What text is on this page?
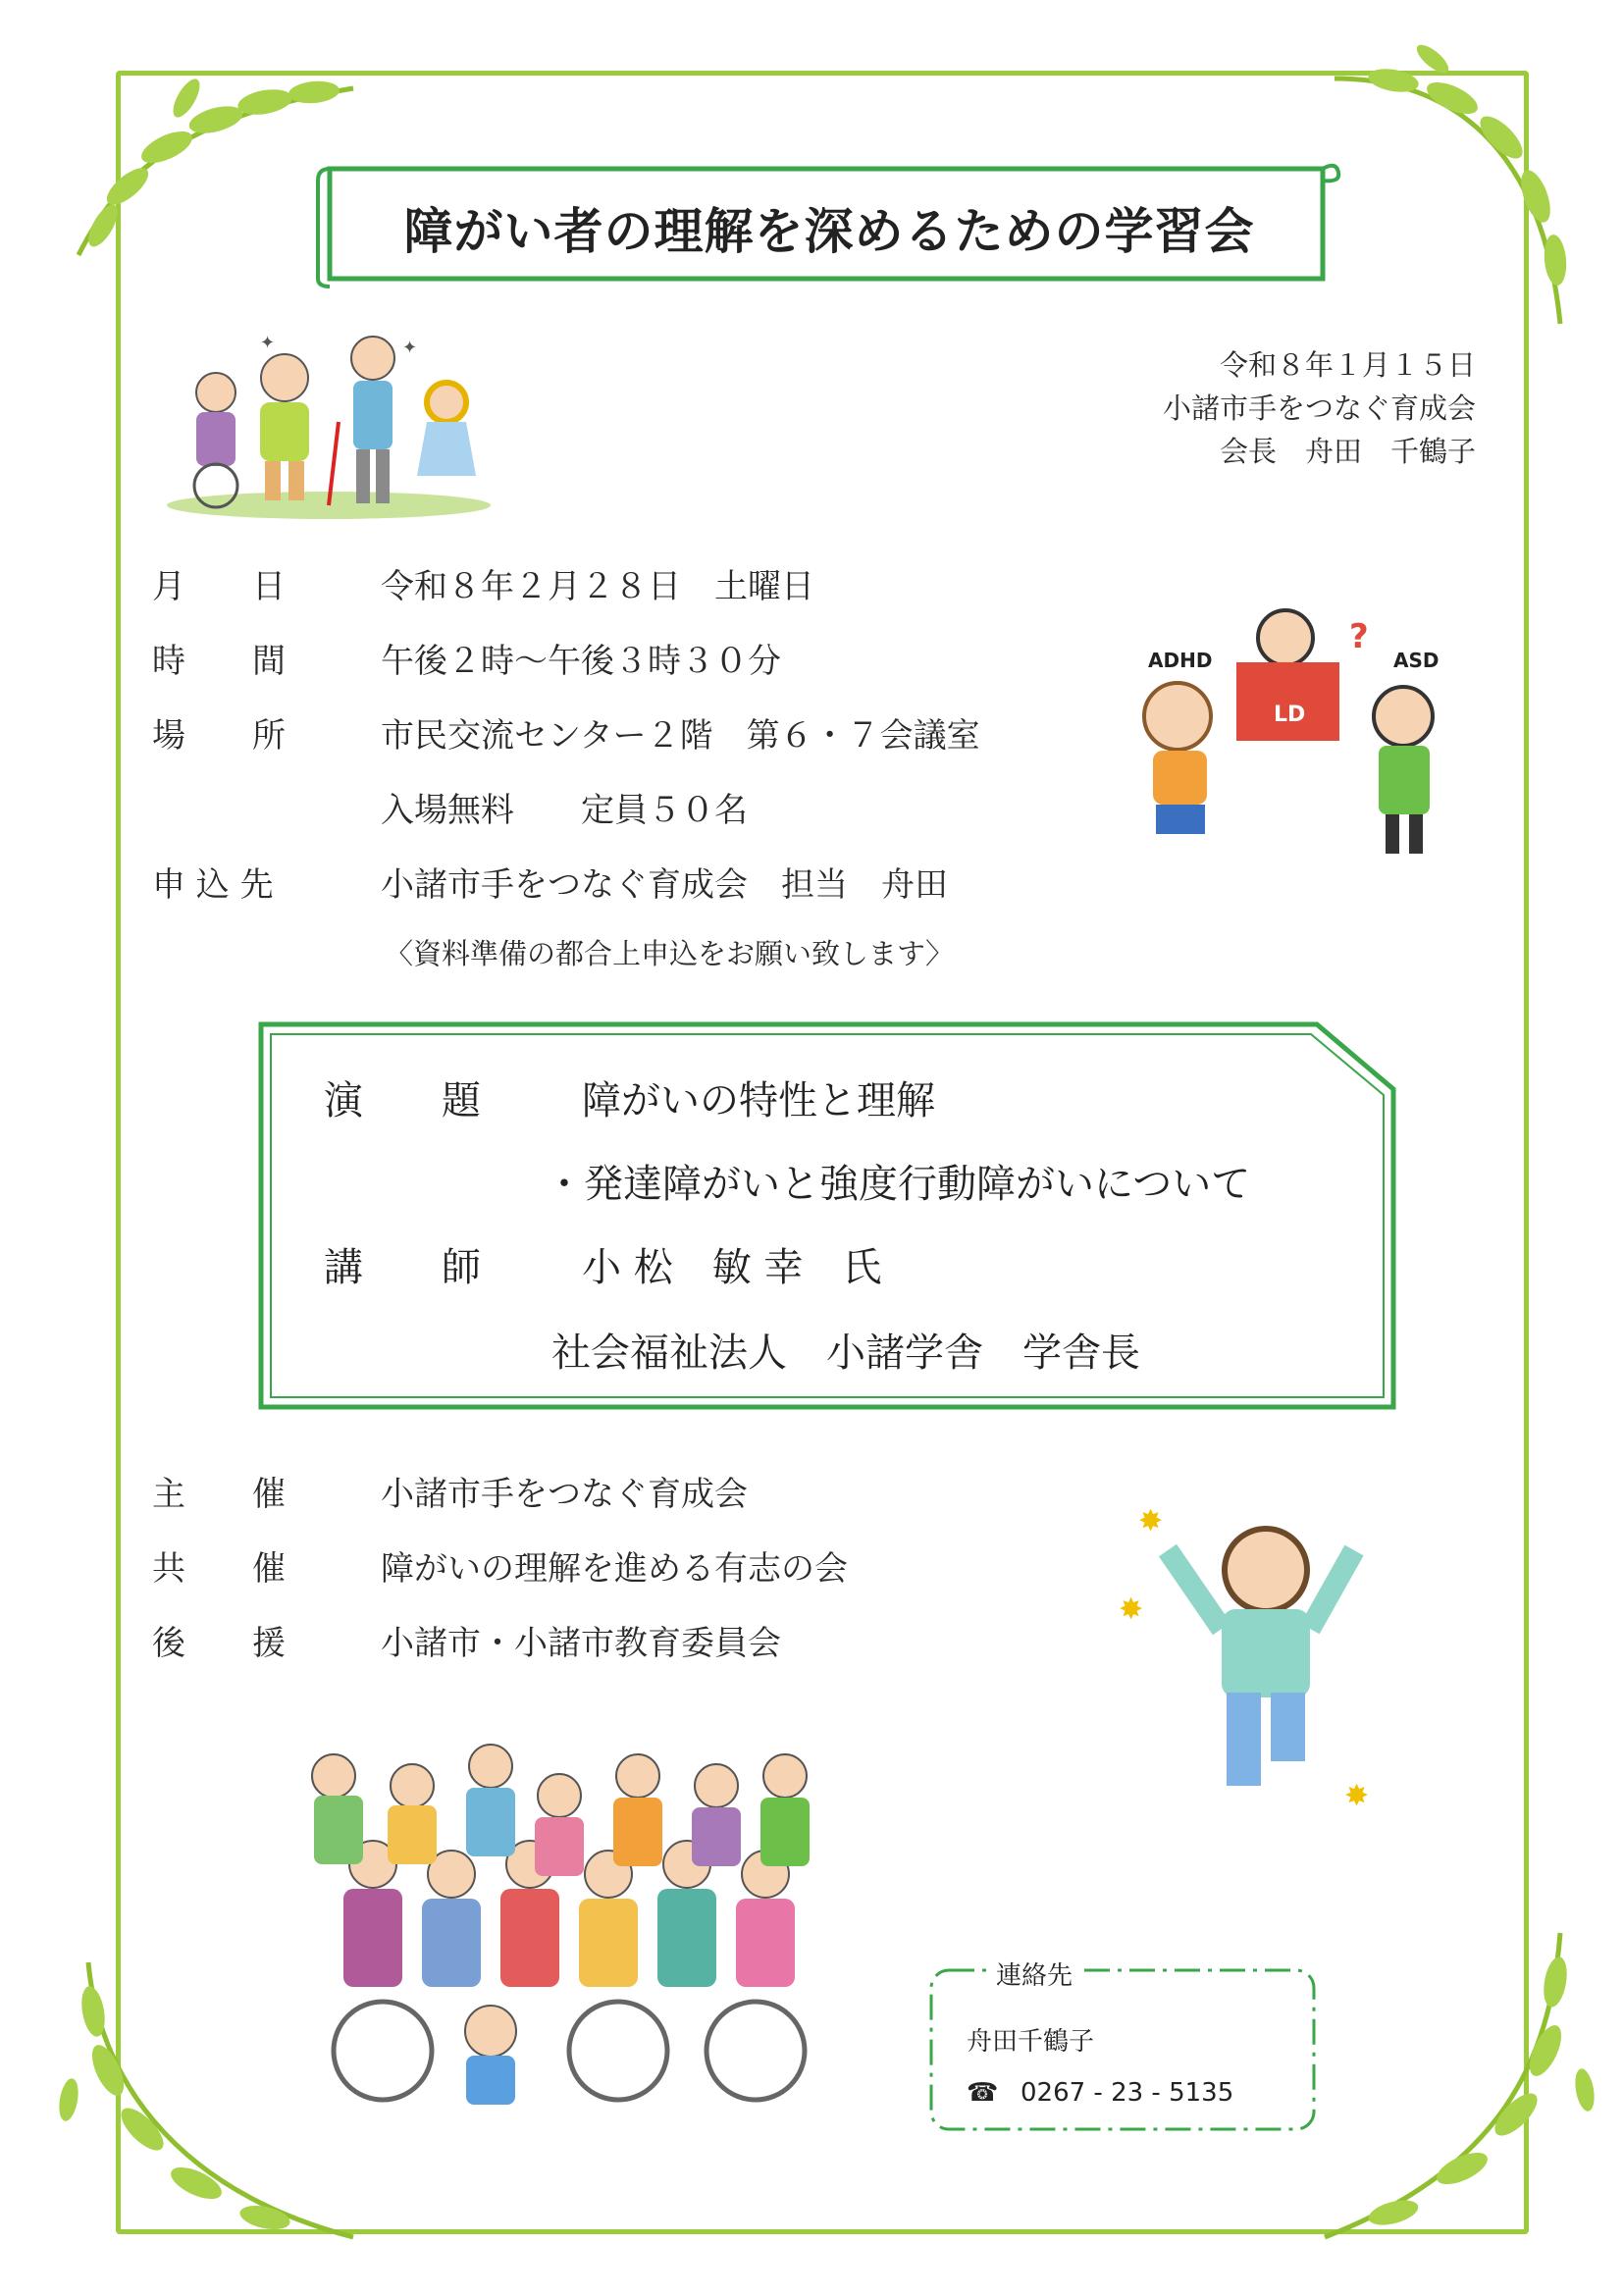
障がい者の理解を深めるための学習会
令和８年１月１５日
小諸市手をつなぐ育成会
会長　舟田　千鶴子
✦	✦
月　　日	令和８年２月２８日　土曜日
時　　間	午後２時～午後３時３０分
場　　所	市民交流センター２階　第６・７会議室
入場無料　　定員５０名
申 込 先	小諸市手をつなぐ育成会　担当　舟田
〈資料準備の都合上申込をお願い致します〉
ADHD
LD
?
ASD
演　　題	障がいの特性と理解
・発達障がいと強度行動障がいについて
講　　師	小 松　敏 幸　氏
社会福祉法人　小諸学舎　学舎長
主　　催	小諸市手をつなぐ育成会
共　　催	障がいの理解を進める有志の会
後　　援	小諸市・小諸市教育委員会
✸
✸
✸
連絡先
舟田千鶴子
☎ 0267 - 23 - 5135
